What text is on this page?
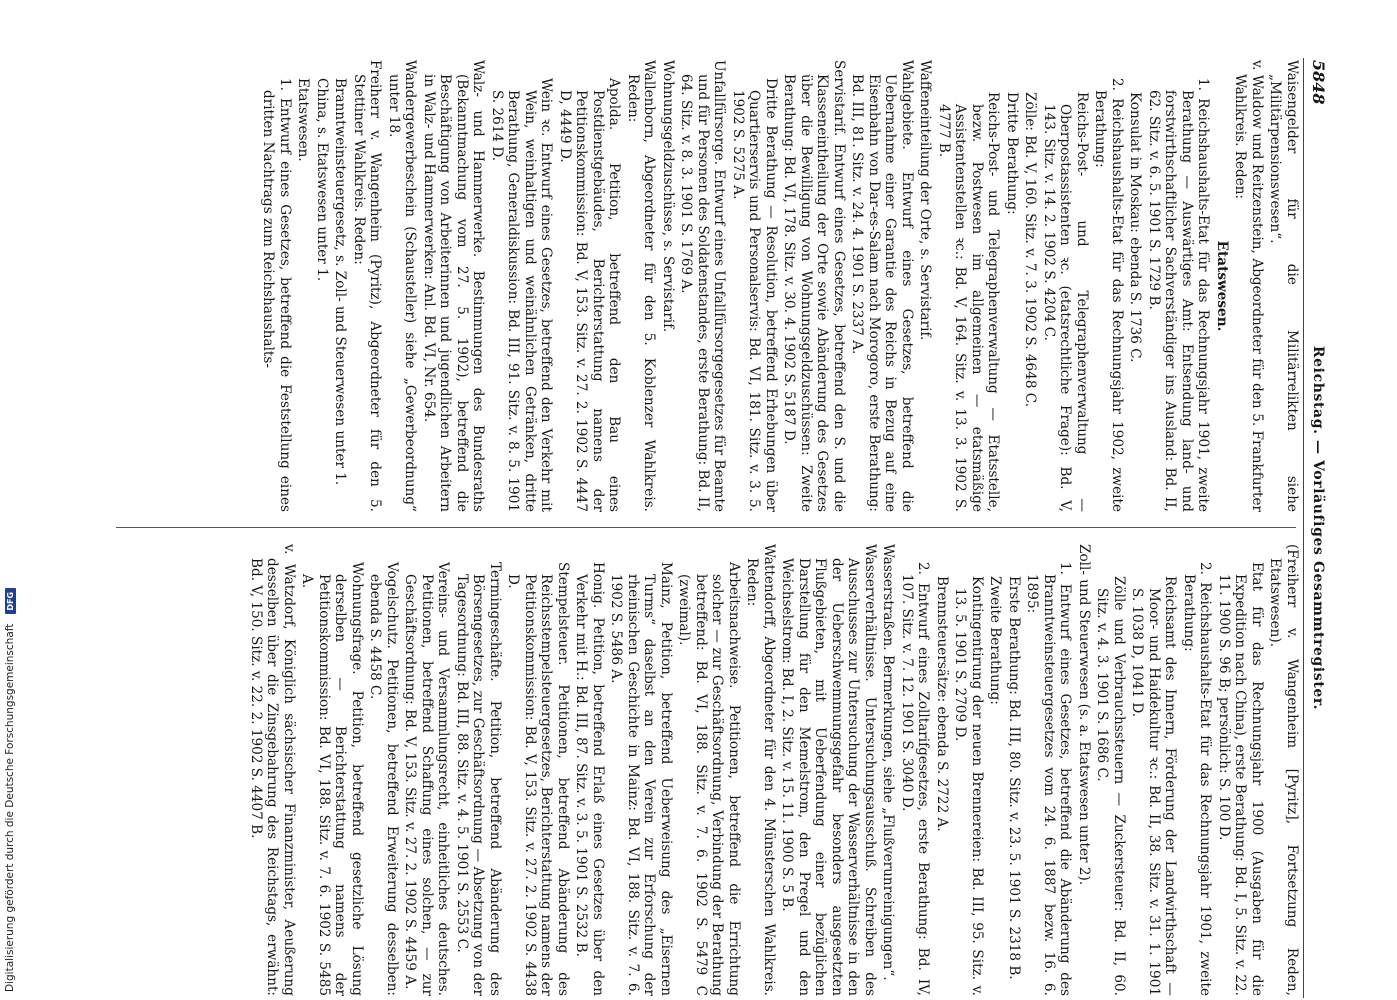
5848
Reichstag. — Vorläufiges Gesammtregister.

Waisengelder für die Militärrelikten siehe „Militärpensionswesen“.

v. Waldow und Reitzenstein, Abgeordneter für den 5. Frankfurter Wahlkreis. Reden:

Etatswesen.

1. Reichshaushalts-Etat für das Rechnungsjahr 1901, zweite Berathung — Auswärtiges Amt: Entsendung land- und forstwirthschaftlicher Sachverständiger ins Ausland: Bd. II, 62. Sitz. v. 6. 5. 1901 S. 1729 B.

Konsulat in Moskau: ebenda S. 1736 C.

2. Reichshaushalts-Etat für das Rechnungsjahr 1902, zweite Berathung:

Reichs-Post- und Telegraphenverwaltung — Oberpostassistenten ꝛc. (etatsrechtliche Frage): Bd. V, 143. Sitz. v. 14. 2. 1902 S. 4204 C.

Zölle: Bd. V, 160. Sitz. v. 7. 3. 1902 S. 4648 C.

Dritte Berathung:

Reichs-Post- und Telegraphenverwaltung — Etatsstelle, bezw. Postwesen im allgemeinen — etatsmäßige Assistentenstellen ꝛc.: Bd. V, 164. Sitz. v. 13. 3. 1902 S. 4777 B.

Waffeneinteilung der Orte, s. Servistarif.

Wahlgebiete. Entwurf eines Gesetzes, betreffend die Uebernahme einer Garantie des Reichs in Bezug auf eine Eisenbahn von Dar-es-Salam nach Morogoro, erste Berathung: Bd. III, 81. Sitz. v. 24. 4. 1901 S. 2337 A.

Servistarif. Entwurf eines Gesetzes, betreffend den S. und die Klasseneintheilung der Orte sowie Abänderung des Gesetzes über die Bewilligung von Wohnungsgeldzuschüssen: Zweite Berathung: Bd. VI, 178. Sitz. v. 30. 4. 1902 S. 5187 D.

Dritte Berathung — Resolution, betreffend Erhebungen über Quartierservis und Personalservis: Bd. VI, 181. Sitz. v. 3. 5. 1902 S. 5275 A.

Unfallfürsorge. Entwurf eines Unfallfürsorgegesetzes für Beamte und für Personen des Soldatenstandes, erste Berathung: Bd. II, 64. Sitz. v. 8. 3. 1901 S. 1769 A.

Wohnungsgeldzuschüsse, s. Servistarif.

Wallenborn, Abgeordneter für den 5. Koblenzer Wahlkreis. Reden:

Apolda. Petition, betreffend den Bau eines Postdienstgebäudes, Berichterstattung namens der Petitionskommission: Bd. V, 153. Sitz. v. 27. 2. 1902 S. 4447 D, 4449 D.

Wein ꝛc. Entwurf eines Gesetzes, betreffend den Verkehr mit Wein, weinhaltigen und weinähnlichen Getränken, dritte Berathung, Generaldiskussion: Bd. III, 91. Sitz. v. 8. 5. 1901 S. 2614 D.

Walz- und Hammerwerke. Bestimmungen des Bundesraths (Bekanntmachung vom 27. 5. 1902), betreffend die Beschäftigung von Arbeiterinnen und jugendlichen Arbeitern in Walz- und Hammerwerken: Anl. Bd. VI, Nr. 654.

Wandergewerbeschein (Schausteller) siehe „Gewerbeordnung“ unter 18.

Freiherr v. Wangenheim (Pyritz), Abgeordneter für den 5. Stettiner Wahlkreis. Reden:

Branntweinsteuergesetz, s. Zoll- und Steuerwesen unter 1.

China, s. Etatswesen unter 1.

Etatswesen.

1. Entwurf eines Gesetzes, betreffend die Feststellung eines dritten Nachtrags zum Reichshaushalts-

(Freiherr v. Wangenheim [Pyritz], Fortsetzung Reden, Etatswesen).

Etat für das Rechnungsjahr 1900 (Ausgaben für die Expedition nach China), erste Berathung: Bd. I, 5. Sitz. v. 22. 11. 1900 S. 96 B; persönlich: S. 100 D.

2. Reichshaushalts-Etat für das Rechnungsjahr 1901, zweite Berathung:

Reichsamt des Innern, Förderung der Landwirthschaft — Moor- und Haidekultur ꝛc.: Bd. II, 38. Sitz. v. 31. 1. 1901 S. 1038 D, 1041 D.

Zölle und Verbrauchssteuern — Zuckersteuer: Bd. II, 60. Sitz. v. 4. 3. 1901 S. 1686 C.

Zoll- und Steuerwesen (s. a. Etatswesen unter 2).

1. Entwurf eines Gesetzes, betreffend die Abänderung des Branntweinsteuergesetzes vom 24. 6. 1887 bezw. 16. 6. 1895:

Erste Berathung: Bd. III, 80. Sitz. v. 23. 5. 1901 S. 2318 B.

Zweite Berathung:

Kontingentirung der neuen Brennereien: Bd. III, 95. Sitz. v. 13. 5. 1901 S. 2709 D.

Brennsteuersätze: ebenda S. 2722 A.

2. Entwurf eines Zolltarifgesetzes, erste Berathung: Bd. IV, 107. Sitz. v. 7. 12. 1901 S. 3040 D.

Wasserstraßen. Bermerkungen, siehe „Flußverunreinigungen“.

Wasserverhältnisse. Untersuchungsausschuß. Schreiben des Ausschusses zur Untersuchung der Wasserverhältnisse in den der Ueberschwemmungsgefahr besonders ausgesetzten Flußgebieten, mit Ueberfendung einer bezüglichen Darstellung für den Memelstrom, den Pregel und den Weichselstrom: Bd. I, 2. Sitz. v. 15. 11. 1900 S. 5 B.

Wattendorff, Abgeordneter für den 4. Münsterschen Wahlkreis. Reden:

Arbeitsnachweise. Petitionen, betreffend die Errichtung solcher — zur Geschäftsordnung, Verbindung der Berathung betreffend: Bd. VI, 188. Sitz. v. 7. 6. 1902 S. 5479 C (zweimal).

Mainz, Petition, betreffend Ueberweisung des „Eisernen Turms“ daselbst an den Verein zur Erforschung der rheinischen Geschichte in Mainz: Bd. VI, 188. Sitz. v. 7. 6. 1902 S. 5486 A.

Honig. Petition, betreffend Erlaß eines Gesetzes über den Verkehr mit H.: Bd. III, 87. Sitz. v. 3. 5. 1901 S. 2532 B.

Stempelsteuer. Petitionen, betreffend Abänderung des Reichsstempelsteuergesetzes, Berichterstattung namens der Petitionskommission: Bd. V, 153. Sitz. v. 27. 2. 1902 S. 4438 D.

Termingeschäfte. Petition, betreffend Abänderung des Börsengesetzes, zur Geschäftsordnung — Absetzung von der Tagesordnung: Bd. III, 88. Sitz. v. 4. 5. 1901 S. 2553 C.

Vereins- und Versammlungsrecht, einheitliches deutsches. Petitionen, betreffend Schaffung eines solchen, — zur Geschäftsordnung: Bd. V, 153. Sitz. v. 27. 2. 1902 S. 4459 A.

Vogelschutz. Petitionen, betreffend Erweiterung desselben: ebenda S. 4458 C.

Wohnungsfrage. Petition, betreffend gesetzliche Lösung derselben — Berichterstattung namens der Petitionskommission: Bd. VI, 188. Sitz. v. 7. 6. 1902 S. 5485 A.

v. Watzdorf, Königlich sächsischer Finanzminister, Aeußerung desselben über die Zinsgebahrung des Reichstags, erwähnt: Bd. V, 150. Sitz. v. 22. 2. 1902 S. 4407 B.

Digitalisierung gefördert durch die Deutsche Forschungsgemeinschaft DFG
